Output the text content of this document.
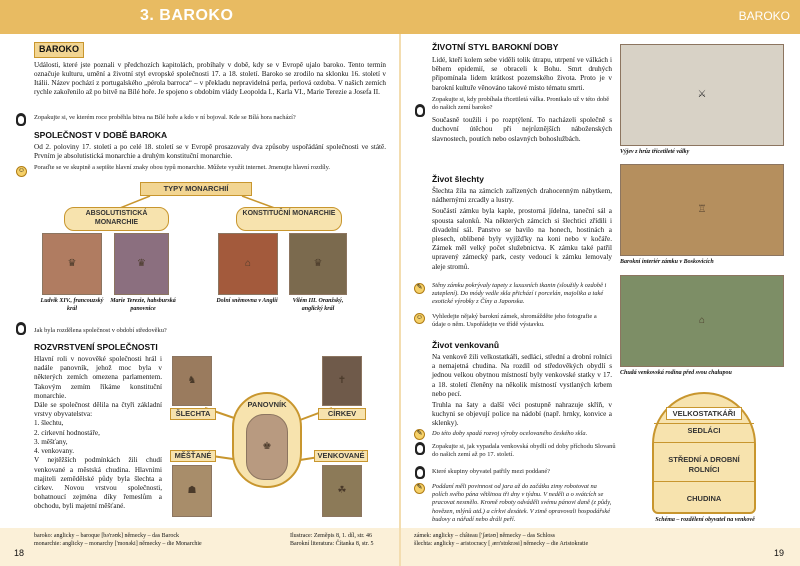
3. BAROKO	BAROKO
BAROKO
Události, které jste poznali v předchozích kapitolách, probíhaly v době, kdy se v Evropě ujalo baroko. Tento termín označuje kulturu, umění a životní styl evropské společnosti 17. a 18. století. Baroko se zrodilo na sklonku 16. století v Itálii. Název pochází z portugalského „pérola barroca“ – v překladu nepravidelná perla, perlová ozdoba. V našich zemích rychle zakořenilo až po bitvě na Bílé hoře. Je spojeno s obdobím vlády Leopolda I., Karla VI., Marie Terezie a Josefa II.
Zopakujte si, ve kterém roce proběhla bitva na Bílé hoře a kdo v ní bojoval. Kde se Bílá hora nachází?
SPOLEČNOST V DOBĚ BAROKA
Od 2. poloviny 17. století a po celé 18. století se v Evropě prosazovaly dva způsoby uspořádání společnosti ve státě. Prvním je absolutistická monarchie a druhým konstituční monarchie.
Poraďte se ve skupině a sepište hlavní znaky obou typů monarchie. Můžete využít internet. Jmenujte hlavní rozdíly.
☺
TYPY MONARCHIÍ
ABSOLUTISTICKÁ MONARCHIE
KONSTITUČNÍ MONARCHIE
♛	♛	⌂	♛
Ludvík XIV., francouzský král
Marie Terezie, habsburská panovnice
Dolní sněmovna v Anglii	Vilém III. Oranžský, anglický král
Jak byla rozdělena společnost v období středověku?
ROZVRSTVENÍ SPOLEČNOSTI
Hlavní roli v novověké společnosti hrál i nadále panovník, jehož moc byla v některých zemích omezena parlamentem. Takovým zemím říkáme konstituční monarchie.
Dále se společnost dělila na čtyři základní vrstvy obyvatelstva:
1. šlechtu,
2. církevní hodnostáře,
3. měšťany,
4. venkovany.
V nejtěžších podmínkách žili chudí venkované a městská chudina. Hlavními majiteli zemědělské půdy byla šlechta a církev. Novou vrstvou společnosti, bohatnoucí zejména díky řemeslům a obchodu, byli majetní měšťané.
♞	✝
ŠLECHTA	CÍRKEV
PANOVNÍK
♚
MĚŠŤANÉ	VENKOVANÉ
☗	☘
baroko: anglicky – baroque [bə'rəʊk] německy – das Barock
monarchie: anglicky – monarchy ['monəki] německy – die Monarchie
Ilustrace: Zeměpis 8, 1. díl, str. 46
Barokní literatura: Čítanka 8, str. 5
18
ŽIVOTNÍ STYL BAROKNÍ DOBY
Lidé, kteří kolem sebe viděli tolik útrapu, utrpení ve válkách i během epidemií, se obraceli k Bohu. Smrt druhých připomínala lidem krátkost pozemského života. Proto je v barokní kultuře věnováno takové místo tématu smrti.
Zopakujte si, kdy probíhala třicetiletá válka. Pronikalo už v této době do našich zemí baroko?
Současně toužili i po rozptýlení. To nacházeli společně s duchovní útěchou při nejrůznějších náboženských slavnostech, poutích nebo oslavných bohoslužbách.
⚔
Výjev z hrůz třicetileté války
Život šlechty
Šlechta žila na zámcích zařízených drahocenným nábytkem, nádhernými zrcadly a lustry.
Součástí zámku byla kaple, prostorná jídelna, taneční sál a spousta salonků. Na některých zámcích si šlechtici zřídili i divadelní sál. Panstvo se bavilo na honech, hostinách a plesech, oblíbené byly vyjížďky na koni nebo v kočáře. Zámek měl velký počet služebnictva. K zámku také patřil upravený zámecký park, cesty vedoucí k zámku lemovaly aleje stromů.
♖
Barokní interiér zámku v Boskovicích
✎	Stěny zámku pokrývaly tapety z luxusních tkanin (sloužily k ozdobě i zateplení). Do módy vedle skla přichází i porcelán, majolika a také exotické výrobky z Číny a Japonska.
☺	Vyhledejte nějaký barokní zámek, shromážděte jeho fotografie a údaje o něm. Uspořádejte ve třídě výstavku.	⌂
Chudá venkovská rodina před svou chalupou
Život venkovanů
Na venkově žili velkostatkáři, sedláci, střední a drobní rolníci a nemajetná chudina. Na rozdíl od středověkých obydlí s jednou velkou obytnou místností byly venkovské statky v 17. a 18. století členěny na několik místností vystlaných krbem nebo pecí.
Truhla na šaty a další věci postupně nahrazuje skříň, v kuchyni se objevují police na nádobí (např. hrnky, konvice a sklenky).
✎	Do této doby spadá rozvoj výroby ocelovaného českého skla.
Zopakujte si, jak vypadala venkovská obydlí od doby příchodu Slovanů do našich zemí až po 17. století.
Které skupiny obyvatel patřily mezi poddané?
✎	Poddaní měli povinnost od jara až do začátku zimy robotovat na polích svého pána většinou tři dny v týdnu. V neděli a o svátcích se pracovat nesmělo. Kromě roboty odváděli svému pánovi daně (z půdy, hovězen, mlýnů atd.) a církvi desátek. V zimě opravovali hospodářské budovy a nářadí nebo dráli peří.
VELKOSTATKÁŘI
SEDLÁCI
STŘEDNÍ A DROBNÍ ROLNÍCI
CHUDINA
Schéma – rozdělení obyvatel na venkově
zámek: anglicky – château ['ʃætəʊ] německy – das Schloss
šlechta: anglicky – aristocracy [ˌærɪ'stɒkrəsi] německy – die Aristokratie
19
